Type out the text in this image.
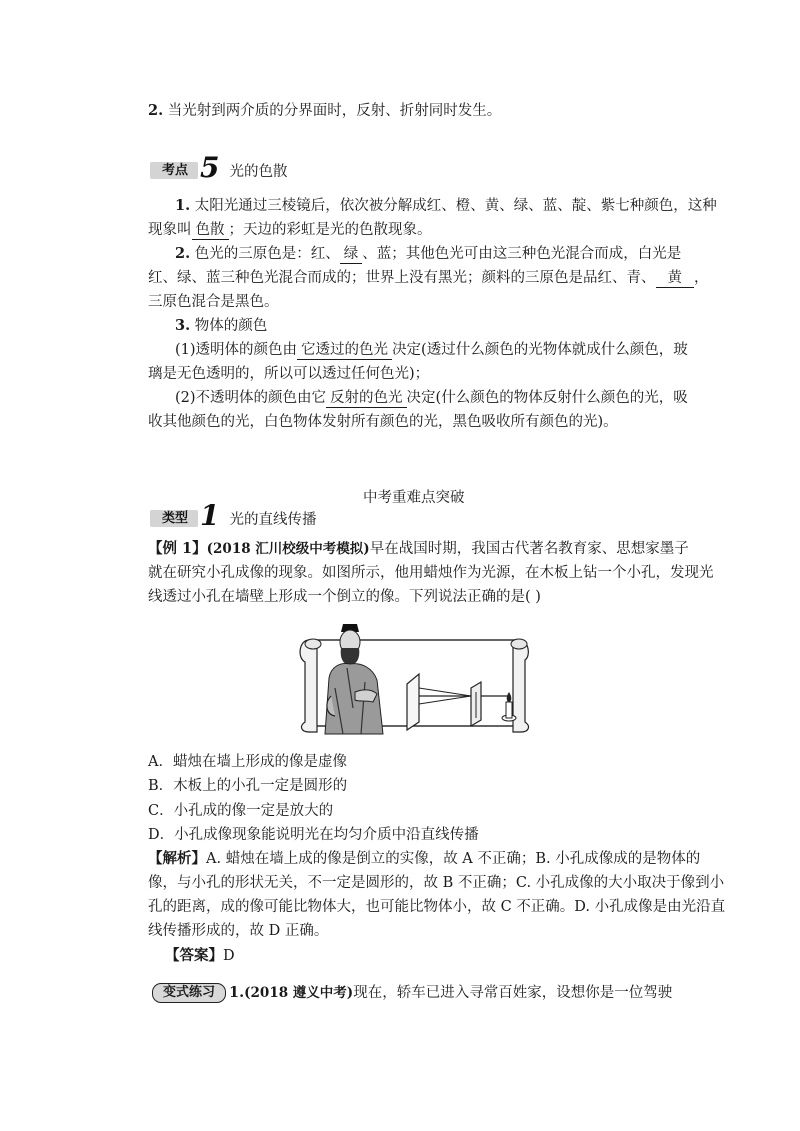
2. 当光射到两介质的分界面时，反射、折射同时发生。
考点 5 光的色散
1. 太阳光通过三棱镜后，依次被分解成红、橙、黄、绿、蓝、靛、紫七种颜色，这种
现象叫 色散 ；天边的彩虹是光的色散现象。
2. 色光的三原色是：红、 绿 、蓝；其他色光可由这三种色光混合而成，白光是
红、绿、蓝三种色光混合而成的；世界上没有黑光；颜料的三原色是品红、青、 黄 ，
三原色混合是黑色。
3. 物体的颜色
(1)透明体的颜色由 它透过的色光 决定(透过什么颜色的光物体就成什么颜色，玻
璃是无色透明的，所以可以透过任何色光)；
(2)不透明体的颜色由它 反射的色光 决定(什么颜色的物体反射什么颜色的光，吸
收其他颜色的光，白色物体发射所有颜色的光，黑色吸收所有颜色的光)。
中考重难点突破
类型 1 光的直线传播
【例 1】(2018 汇川校级中考模拟)早在战国时期，我国古代著名教育家、思想家墨子
就在研究小孔成像的现象。如图所示，他用蜡烛作为光源，在木板上钻一个小孔，发现光
线透过小孔在墙壁上形成一个倒立的像。下列说法正确的是( )
A．蜡烛在墙上形成的像是虚像
B．木板上的小孔一定是圆形的
C．小孔成的像一定是放大的
D．小孔成像现象能说明光在均匀介质中沿直线传播
【解析】A. 蜡烛在墙上成的像是倒立的实像，故 A 不正确；B. 小孔成像成的是物体的
像，与小孔的形状无关，不一定是圆形的，故 B 不正确；C. 小孔成像的大小取决于像到小
孔的距离，成的像可能比物体大，也可能比物体小，故 C 不正确。D. 小孔成像是由光沿直
线传播形成的，故 D 正确。
【答案】D
变式练习 1.(2018 遵义中考)现在，轿车已进入寻常百姓家，设想你是一位驾驶
